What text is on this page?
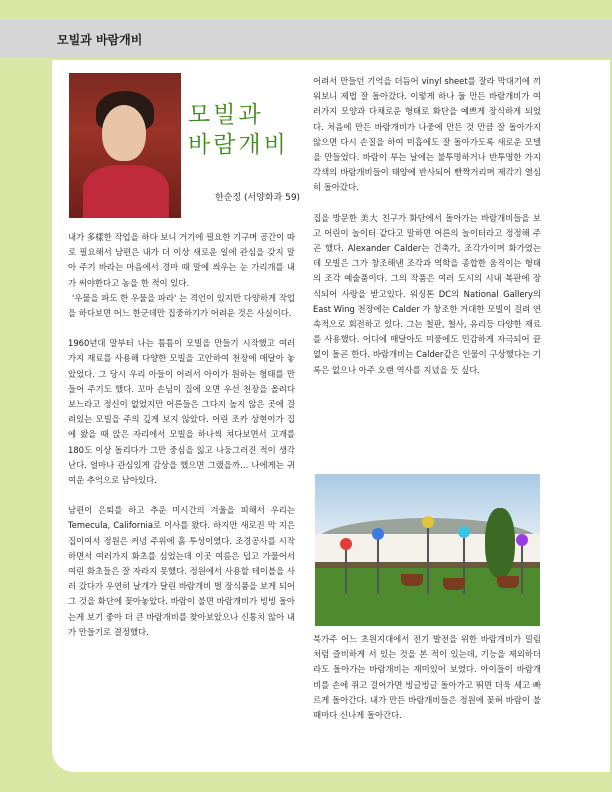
모빌과 바람개비
모빌과
바람개비
한순정 (서양화과 59)

내가 多樣한 작업을 하다 보니 거기에 필요한 기구며 공간이 따로 필요해서 남편은 내가 더 이상 새로운 일에 관심을 갖지 말아 주기 바라는 마음에서 경마 때 말에 씌우는 눈 가리개를 내가 써야한다고 농을 한 적이 있다.

'우물을 파도 한 우물을 파라' 는 격언이 있지만 다양하게 작업을 하다보면 어느 한군데만 집중하기가 어려운 것은 사실이다.

1960년대 말부터 나는 틈틈이 모빌을 만들기 시작했고 여러 가지 재료를 사용해 다양한 모빌을 고안하여 천장에 매달아 놓았었다. 그 당시 우리 아들이 어려서 아이가 원하는 형태를 만들어 주기도 했다. 꼬마 손님이 집에 오면 우선 천장을 올려다 보느라고 정신이 없었지만 어른들은 그다지 높지 않은 곳에 걸려있는 모빌을 주의 깊게 보지 않았다. 어린 조카 상현이가 집에 왔을 때 앉은 자리에서 모빌을 하나씩 쳐다보면서 고개를 180도 이상 돌리다가 그만 중심을 잃고 나둥그러진 적이 생각난다. 얼마나 관심있게 감상을 했으면 그랬을까… 나에게는 귀여운 추억으로 남아있다.

남편이 은퇴를 하고 추운 미시간의 겨울을 피해서 우리는 Temecula, California로 이사를 왔다. 하지만 새로진 막 지은 집이여서 정원은 커녕 주위에 흙 투성이였다. 조경공사를 시작하면서 여러가지 화초를 심었는데 이곳 여름은 덥고 가물어서 여린 화초들은 잘 자라지 못했다. 정원에서 사용할 테이블을 사러 갔다가 우연히 날개가 달린 바람개비 벌 장식품을 보게 되어 그 것을 화단에 꽂아놓았다. 바람이 불면 바람개비가 빙빙 돌아는게 보기 좋아 더 큰 바람개비를 찾아보았으나 신통치 않아 내가 만들기로 결정했다.

어려서 만들던 기억을 더듬어 vinyl sheet를 잘라 막대기에 끼워보니 제법 잘 돌아갔다. 이렇게 하나 둘 만든 바람개비가 여러가지 모양과 다채로운 형태로 화단을 예쁘게 장식하게 되었다. 처음에 만든 바람개비가 나중에 만든 것 만큼 잘 돌아가지 않으면 다시 손질을 하여 미흡에도 잘 돌아가도록 새로운 모델을 만들었다. 바람이 부는 날에는 불투명하거나 반투명한 가지각색의 바람개비들이 태양에 반사되어 빤짝거리며 제각기 열심히 돌아갔다.

집을 방문한 美大 친구가 화단에서 돌아가는 바람개비들을 보고 어린이 놀이터 같다고 말하면 어른의 놀이터라고 정정해 주곤 했다. Alexander Calder는 건축가, 조각가이며 화가였는데 모빌은 그가 창조해낸 조각과 역학을 종합한 움직이는 형태의 조각 예술품이다. 그의 작품은 여러 도시의 시내 복판에 장식되어 사랑을 받고있다. 워싱톤 DC의 National Gallery의 East Wing 천장에는 Calder 가 창조한 거대한 모빌이 걸려 연속적으로 회전하고 있다. 그는 철판, 철사, 유리등 다양한 재료를 사용했다. 어디에 매달아도 미풍에도 민감하게 자극되어 끝없이 돌곤 한다. 바람개비는 Calder같은 인물이 구상했다는 기록은 없으나 아주 오랜 역사를 지녔을 듯 싶다.

북가주 어느 초원지대에서 전기 발전을 위한 바람개비가 밀림처럼 즐비하게 서 있는 것을 본 적이 있는데, 기능을 제외하더라도 돌아가는 바람개비는 재미있어 보였다. 아이들이 바람개비를 손에 쥐고 걸어가면 빙글빙글 돌아가고 뛰면 더욱 세고 빠르게 돌아간다. 내가 만든 바람개비들은 정원에 꽂혀 바람이 불 때마다 신나게 돌아간다.
